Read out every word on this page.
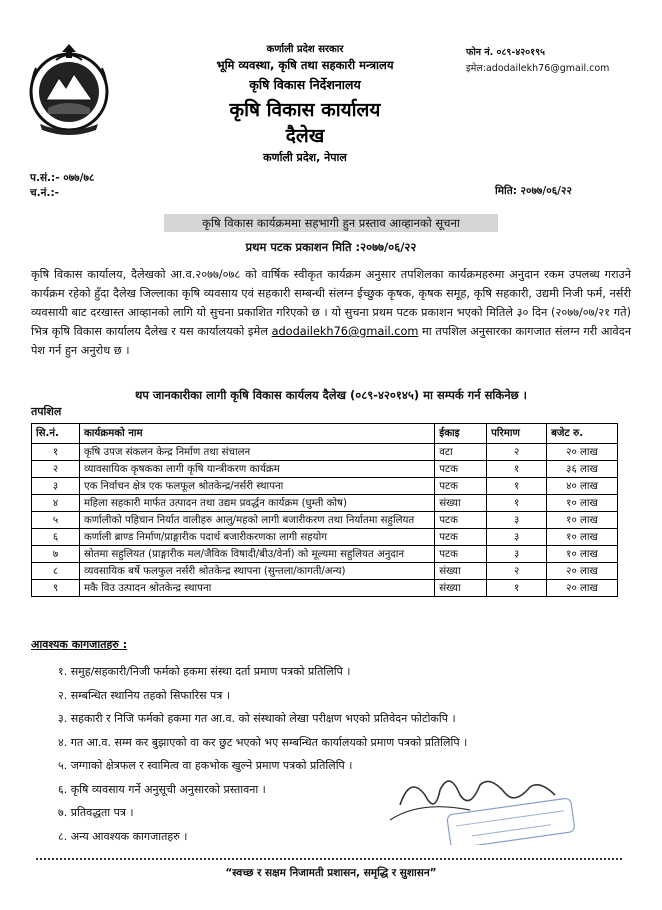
कर्णाली प्रदेश सरकार
भूमि व्यवस्था, कृषि तथा सहकारी मन्त्रालय
कृषि विकास निर्देशनालय
कृषि विकास कार्यालय
दैलेख
कर्णाली प्रदेश, नेपाल
फोन नं. ०८९-४२०१९५
इमेल:adodailekh76@gmail.com
प.सं.:- ०७७/७८
च.नं.:-	मिति: २०७७/०६/२२
कृषि विकास कार्यक्रममा सहभागी हुन प्रस्ताव आव्हानको सूचना
प्रथम पटक प्रकाशन मिति :२०७७/०६/२२
कृषि विकास कार्यालय, दैलेखको आ.व.२०७७/०७८ को वार्षिक स्वीकृत कार्यक्रम अनुसार तपशिलका कार्यक्रमहरुमा अनुदान रकम उपलब्ध गराउने कार्यक्रम रहेको हुँदा दैलेख जिल्लाका कृषि व्यवसाय एवं सहकारी सम्बन्धी संलग्न ईच्छुक कृषक, कृषक समूह, कृषि सहकारी, उद्यमी निजी फर्म, नर्सरी व्यवसायी बाट दरखास्त आव्हानको लागि यो सुचना प्रकाशित गरिएको छ । यो सुचना प्रथम पटक प्रकाशन भएको मितिले ३० दिन (२०७७/०७/२१ गते) भित्र कृषि विकास कार्यालय दैलेख र यस कार्यालयको इमेल adodailekh76@gmail.com मा तपशिल अनुसारका कागजात संलग्न गरी आवेदन पेश गर्न हुन अनुरोध छ ।
थप जानकारीका लागी कृषि विकास कार्यलय दैलेख (०८९-४२०१४५) मा सम्पर्क गर्न सकिनेछ ।
तपशिल
सि.नं.	कार्यक्रमको नाम	ईकाइ	परिमाण	बजेट रु.
१	कृषि उपज संकलन केन्द्र निर्माण तथा संचालन	वटा	२	२० लाख
२	व्यावसायिक कृषकका लागी कृषि यान्त्रीकरण कार्यक्रम	पटक	१	३६ लाख
३	एक निर्वाचन क्षेत्र एक फलफूल श्रोतकेन्द्र/नर्सरी स्थापना	पटक	१	४० लाख
४	महिला सहकारी मार्फत उत्पादन तथा उद्यम प्रवर्द्धन कार्यक्रम (घुम्ती कोष)	संख्या	१	१० लाख
५	कर्णालीको पहिचान निर्यात वालीहरु आलु/महको लागी बजारीकरण तथा निर्यातमा सहुलियत	पटक	३	१० लाख
६	कर्णाली ब्राण्ड निर्माण/प्राङ्गारीक पदार्थ बजारीकरणका लागी सहयोग	पटक	३	१० लाख
७	स्रोतमा सहुलियत (प्राङ्गारीक मल/जैविक विषादी/बीउ/वेर्ना) को मूल्यमा सहुलियत अनुदान	पटक	३	१० लाख
८	व्यवसायिक बर्षे फलफुल नर्सरी श्रोतकेन्द्र स्थापना (सुन्तला/कागती/अन्य)	संख्या	२	२० लाख
९	मकै विउ उत्पादन श्रोतकेन्द्र स्थापना	संख्या	१	२० लाख
आवश्यक कागजातहरु :
१. समुह/सहकारी/निजी फर्मको हकमा संस्था दर्ता प्रमाण पत्रको प्रतिलिपि ।
२. सम्बन्धित स्थानिय तहको सिफारिस पत्र ।
३. सहकारी र निजि फर्मको हकमा गत आ.व. को संस्थाको लेखा परीक्षण भएको प्रतिवेदन फोटोकपि ।
४. गत आ.व. सम्म कर बुझाएको वा कर छुट भएको भए सम्बन्धित कार्यालयको प्रमाण पत्रको प्रतिलिपि ।
५. जग्गाको क्षेत्रफल र स्वामित्व वा हकभोक खुल्ने प्रमाण पत्रको प्रतिलिपि ।
६. कृषि व्यवसाय गर्ने अनुसूची अनुसारको प्रस्तावना ।
७. प्रतिवद्धता पत्र ।
८. अन्य आवश्यक कागजातहरु ।
“स्वच्छ र सक्षम निजामती प्रशासन, समृद्धि र सुशासन”
